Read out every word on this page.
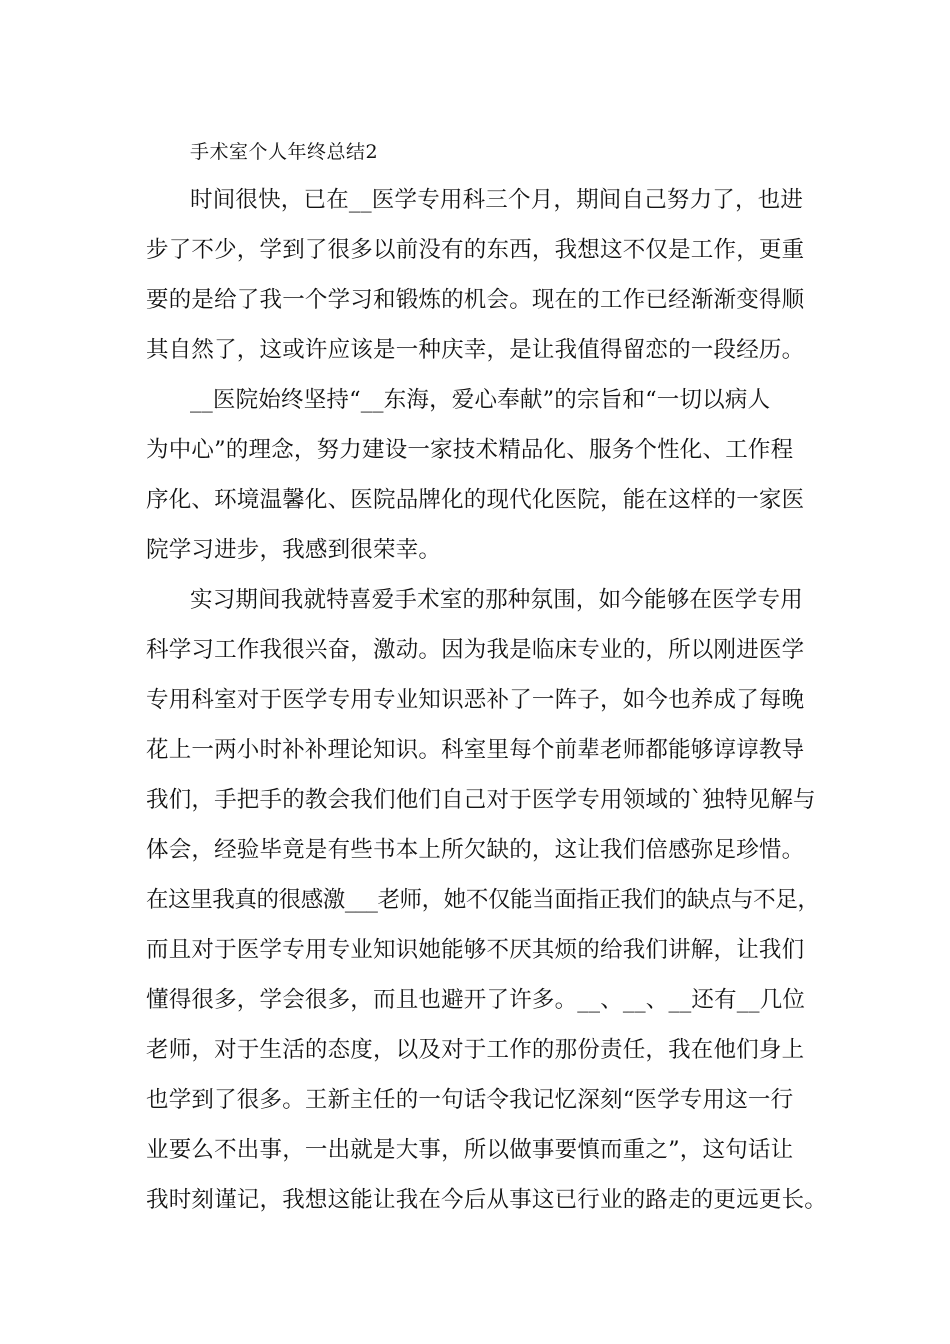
手术室个人年终总结2
时间很快，已在__医学专用科三个月，期间自己努力了，也进
步了不少，学到了很多以前没有的东西，我想这不仅是工作，更重
要的是给了我一个学习和锻炼的机会。现在的工作已经渐渐变得顺
其自然了，这或许应该是一种庆幸，是让我值得留恋的一段经历。
__医院始终坚持“__东海，爱心奉献”的宗旨和“一切以病人
为中心”的理念，努力建设一家技术精品化、服务个性化、工作程
序化、环境温馨化、医院品牌化的现代化医院，能在这样的一家医
院学习进步，我感到很荣幸。
实习期间我就特喜爱手术室的那种氛围，如今能够在医学专用
科学习工作我很兴奋，激动。因为我是临床专业的，所以刚进医学
专用科室对于医学专用专业知识恶补了一阵子，如今也养成了每晚
花上一两小时补补理论知识。科室里每个前辈老师都能够谆谆教导
我们，手把手的教会我们他们自己对于医学专用领域的`独特见解与
体会，经验毕竟是有些书本上所欠缺的，这让我们倍感弥足珍惜。
在这里我真的很感激___老师，她不仅能当面指正我们的缺点与不足，
而且对于医学专用专业知识她能够不厌其烦的给我们讲解，让我们
懂得很多，学会很多，而且也避开了许多。__、__、__还有__几位
老师，对于生活的态度，以及对于工作的那份责任，我在他们身上
也学到了很多。王新主任的一句话令我记忆深刻“医学专用这一行
业要么不出事，一出就是大事，所以做事要慎而重之”，这句话让
我时刻谨记，我想这能让我在今后从事这已行业的路走的更远更长。
